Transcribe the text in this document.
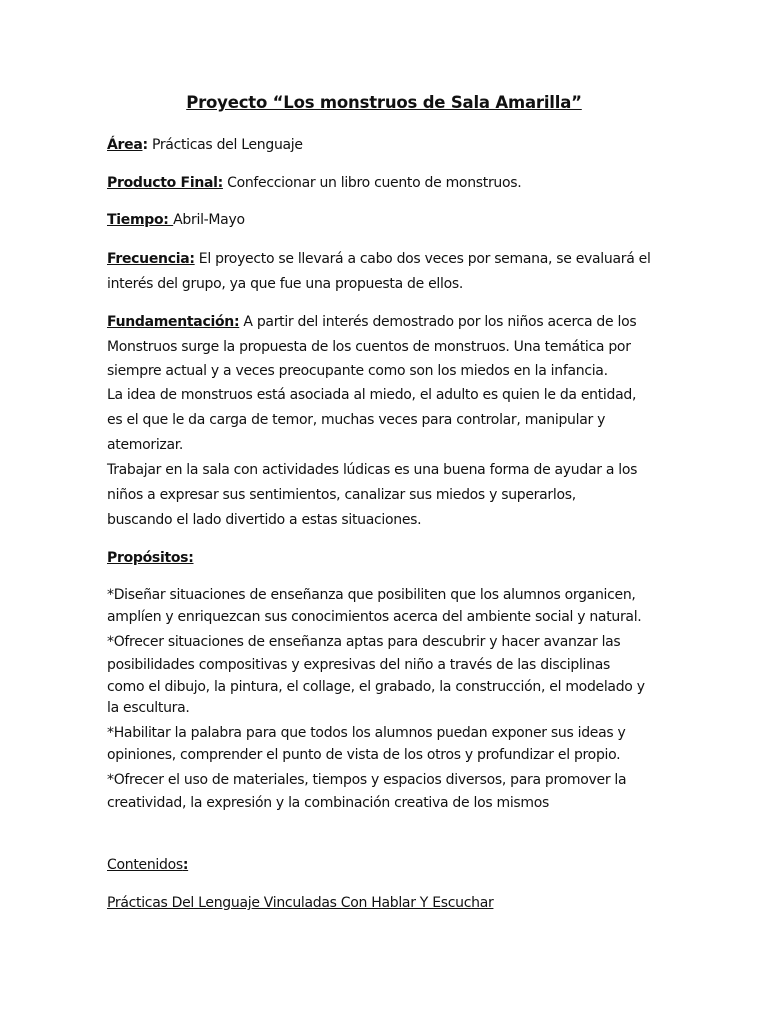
Proyecto “Los monstruos de Sala Amarilla”
Área: Prácticas del Lenguaje
Producto Final: Confeccionar un libro cuento de monstruos.
Tiempo: Abril-Mayo
Frecuencia: El proyecto se llevará a cabo dos veces por semana, se evaluará el
interés del grupo, ya que fue una propuesta de ellos.
Fundamentación: A partir del interés demostrado por los niños acerca de los
Monstruos surge la propuesta de los cuentos de monstruos. Una temática por
siempre actual y a veces preocupante como son los miedos en la infancia.
La idea de monstruos está asociada al miedo, el adulto es quien le da entidad,
es el que le da carga de temor, muchas veces para controlar, manipular y
atemorizar.
Trabajar en la sala con actividades lúdicas es una buena forma de ayudar a los
niños a expresar sus sentimientos, canalizar sus miedos y superarlos,
buscando el lado divertido a estas situaciones.
Propósitos:
*Diseñar situaciones de enseñanza que posibiliten que los alumnos organicen,
amplíen y enriquezcan sus conocimientos acerca del ambiente social y natural.
*Ofrecer situaciones de enseñanza aptas para descubrir y hacer avanzar las
posibilidades compositivas y expresivas del niño a través de las disciplinas
como el dibujo, la pintura, el collage, el grabado, la construcción, el modelado y
la escultura.
*Habilitar la palabra para que todos los alumnos puedan exponer sus ideas y
opiniones, comprender el punto de vista de los otros y profundizar el propio.
*Ofrecer el uso de materiales, tiempos y espacios diversos, para promover la
creatividad, la expresión y la combinación creativa de los mismos
Contenidos:
Prácticas Del Lenguaje Vinculadas Con Hablar Y Escuchar
